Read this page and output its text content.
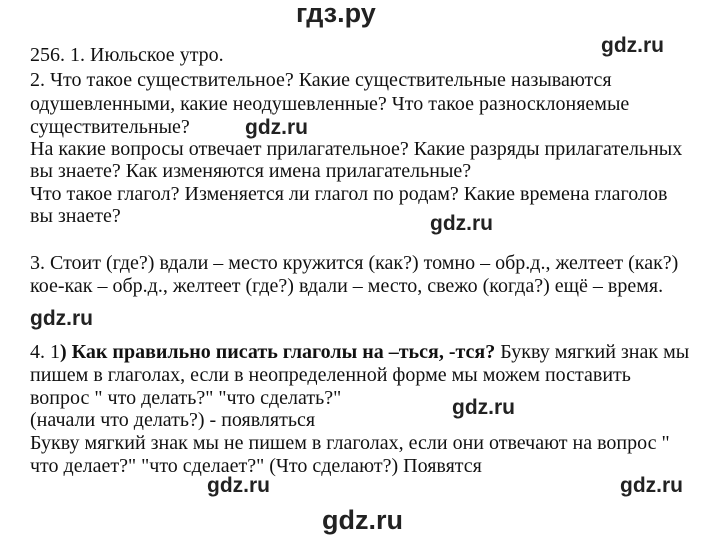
гдз.ру
gdz.ru
gdz.ru
gdz.ru
gdz.ru
gdz.ru
gdz.ru	gdz.ru
gdz.ru
256. 1. Июльское утро.
2. Что такое существительное? Какие существительные называются
одушевленными, какие неодушевленные? Что такое разносклоняемые
существительные?
На какие вопросы отвечает прилагательное? Какие разряды прилагательных
вы знаете? Как изменяются имена прилагательные?
Что такое глагол? Изменяется ли глагол по родам? Какие времена глаголов
вы знаете?
3. Стоит (где?) вдали – место кружится (как?) томно – обр.д., желтеет (как?)
кое-как – обр.д., желтеет (где?) вдали – место, свежо (когда?) ещё – время.
4. 1) Как правильно писать глаголы на –ться, -тся? Букву мягкий знак мы
пишем в глаголах, если в неопределенной форме мы можем поставить
вопрос " что делать?" "что сделать?"
(начали что делать?) - появляться
Букву мягкий знак мы не пишем в глаголах, если они отвечают на вопрос "
что делает?" "что сделает?" (Что сделают?) Появятся
